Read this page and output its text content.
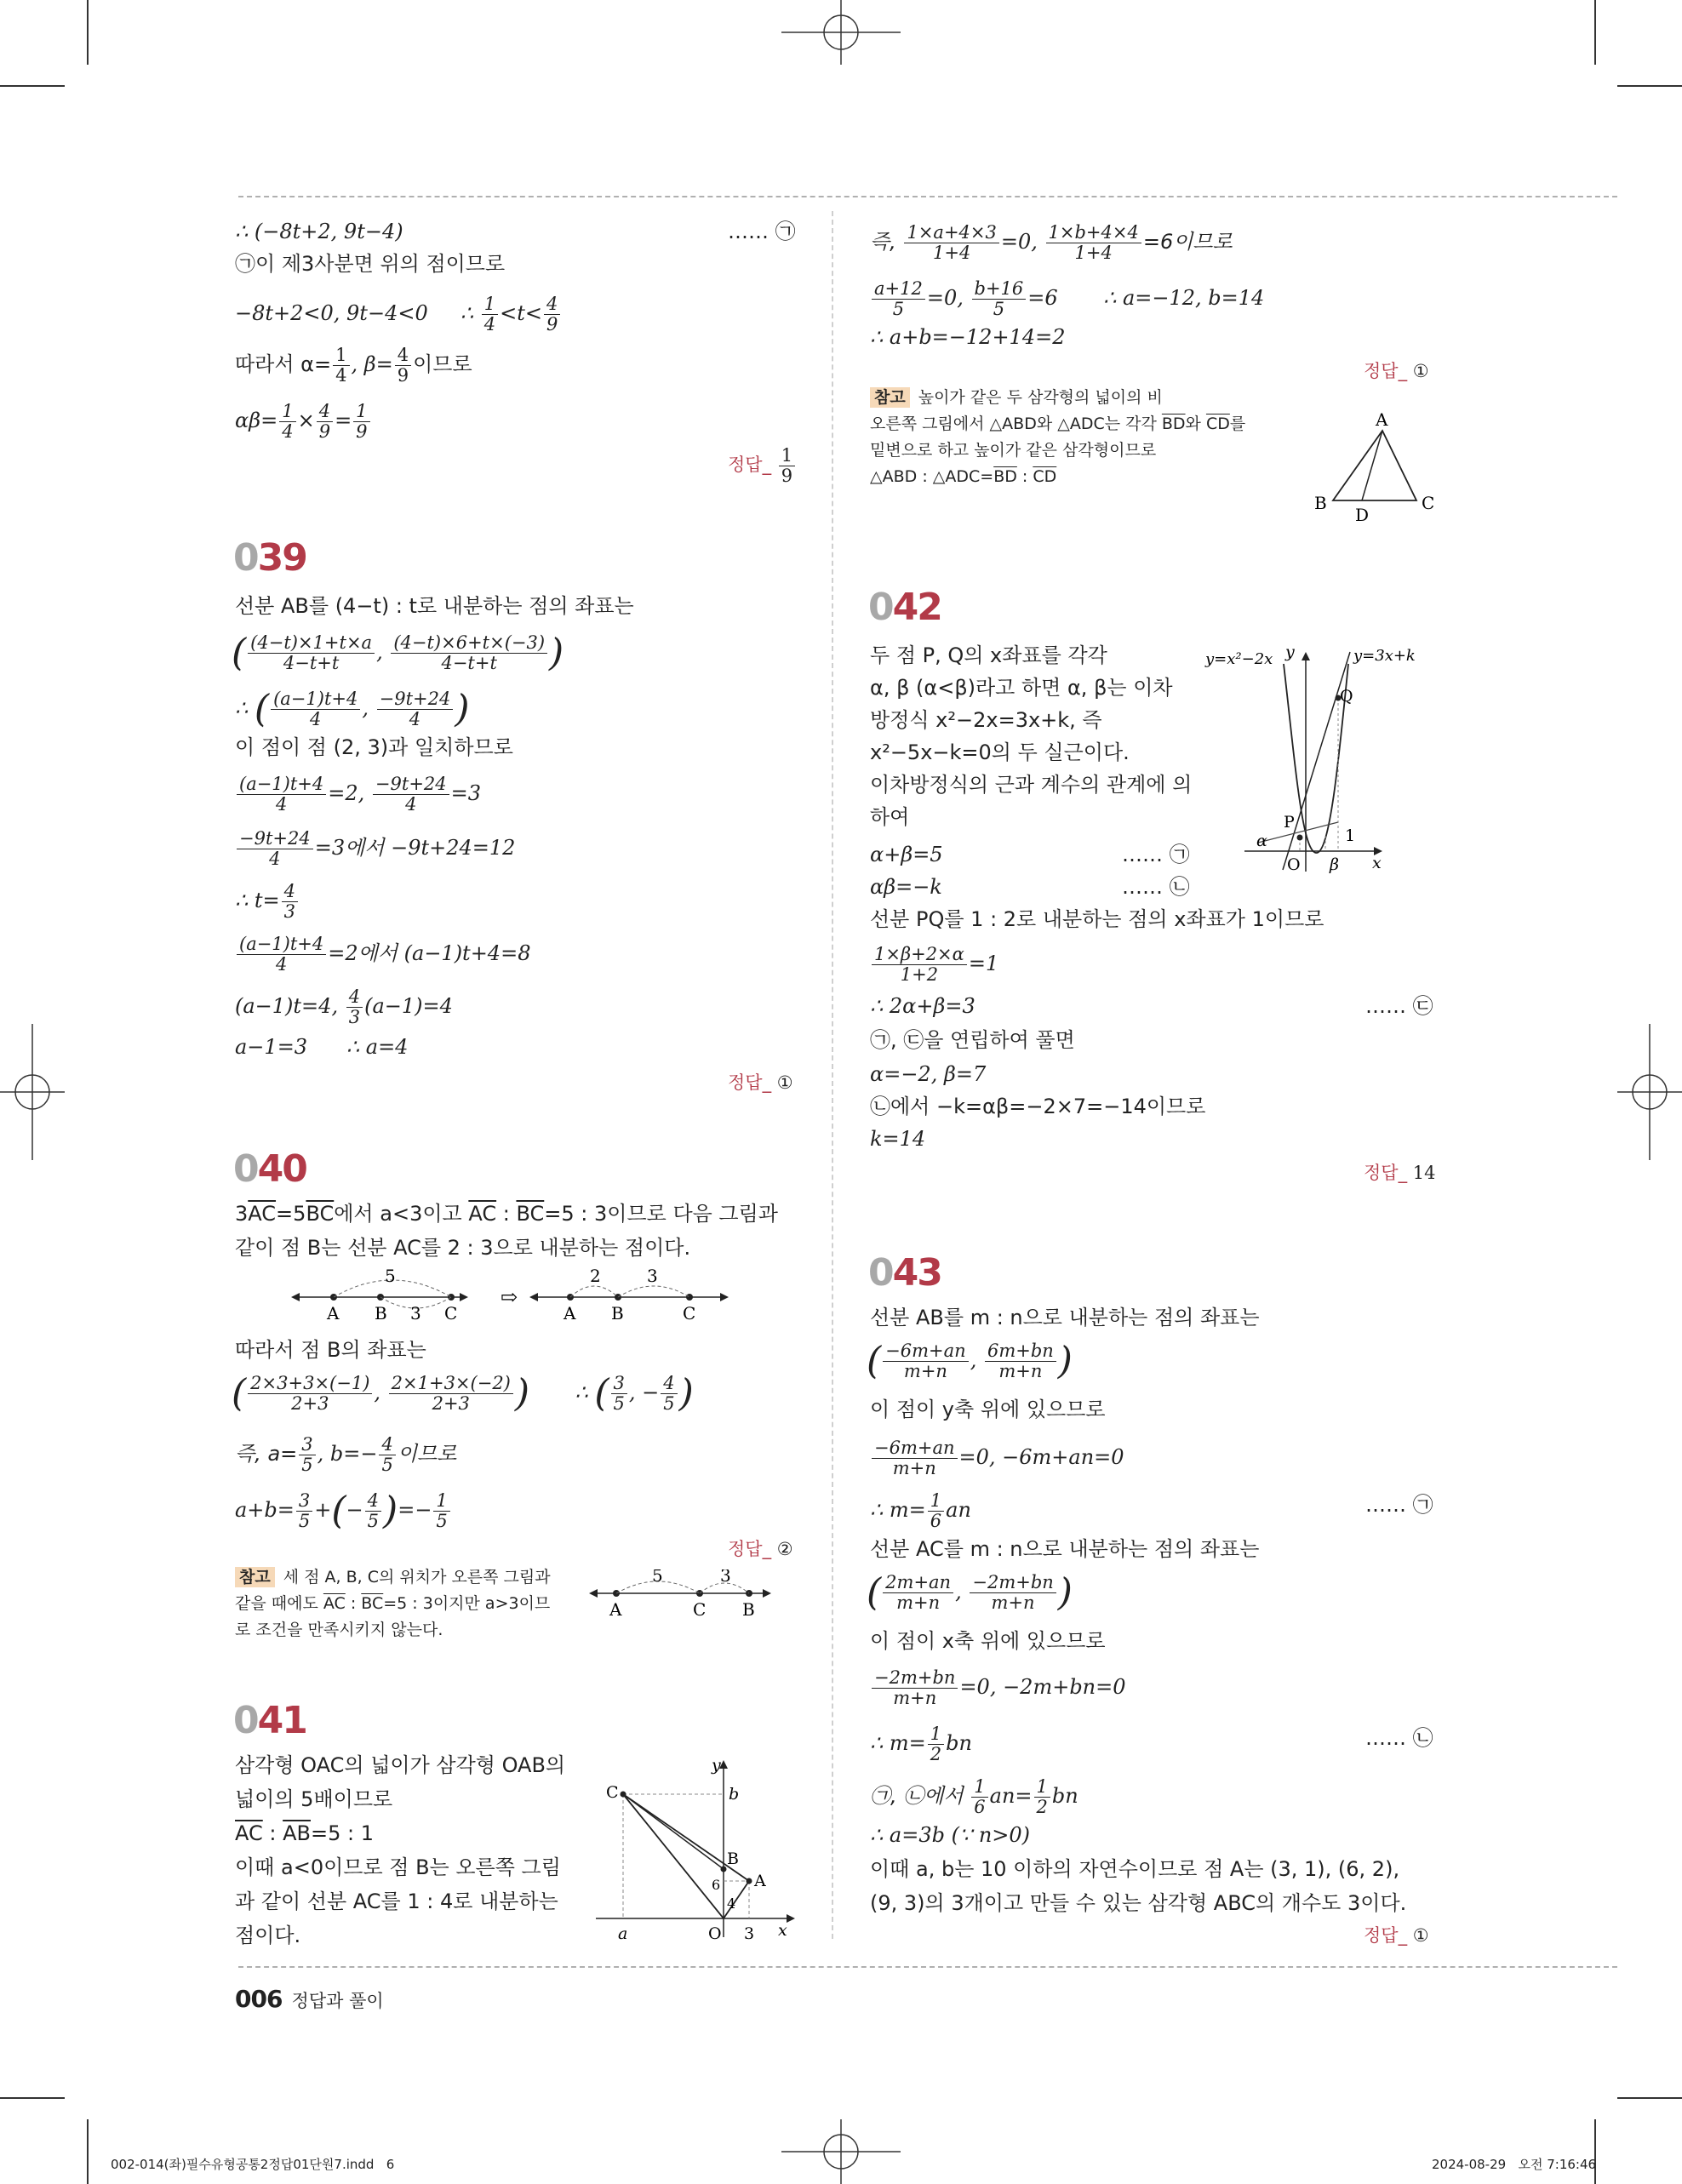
∴ (−8t+2, 9t−4)	…… ㉠
㉠이 제3사분면 위의 점이므로
−8t+2<0, 9t−4<0 ∴ $\frac{1}{4} <t< \frac{4}{9}$
따라서 $\alpha= \frac{1}{4}$ , $\beta= \frac{4}{9}$ 이므로
$\alpha\beta= \frac{1}{4} \times \frac{4}{9} = \frac{1}{9}$
정답_ $\frac{1}{9}$
039
선분 AB를 (4−t) : t로 내분하는 점의 좌표는
( $\frac{(4-t)\times 1+t\times a}{4-t+t}$ , $\frac{(4-t)\times 6+t\times(-3)}{4-t+t}$ )
∴ ( $\frac{(a-1)t+4}{4}$ , $\frac{-9t+24}{4}$ )
이 점이 점 (2, 3)과 일치하므로
$\frac{(a-1)t+4}{4} =2$, $\frac{-9t+24}{4} =3$
$\frac{-9t+24}{4} =3$에서 −9t+24=12
∴ $t= \frac{4}{3}$
$\frac{(a-1)t+4}{4} =2$에서 (a−1)t+4=8
(a−1)t=4, $\frac{4}{3} (a-1)=4$
a−1=3 ∴ a=4
정답_ ①
040
$3\overline{AC}=5\overline{BC}$에서 a<3이고 $\overline{AC}$ : $\overline{BC}=5$ : 3이므로 다음 그림과
같이 점 B는 선분 AC를 2 : 3으로 내분하는 점이다.
5
3
A B	C
⇨
2	3
A B	C
따라서 점 B의 좌표는
( $\frac{2\times 3+3\times(-1)}{2+3}$ , $\frac{2\times 1+3\times(-2)}{2+3}$ )       ∴ ( $\frac{3}{5}$ , − $\frac{4}{5}$ )
즉, $a= \frac{3}{5}$ , $b=- \frac{4}{5}$ 이므로
$a+b= \frac{3}{5}$ +(− $\frac{4}{5}$ )=− $\frac{1}{5}$
정답_ ②
참고 세 점 A, B, C의 위치가 오른쪽 그림과
같을 때에도 $\overline{AC}$ : $\overline{BC}=5$ : 3이지만 a>3이므
로 조건을 만족시키지 않는다.
5	3
A	C B
041
삼각형 OAC의 넓이가 삼각형 OAB의
넓이의 5배이므로
$\overline{AC}$ : $\overline{AB}=5$ : 1
이때 a<0이므로 점 B는 오른쪽 그림
과 같이 선분 AC를 1 : 4로 내분하는
점이다.
y
x
b
C
B
A
O 3
6
4
a
즉, $\frac{1\times a+4\times 3}{1+4} =0$, $\frac{1\times b+4\times 4}{1+4} =6$이므로
$\frac{a+12}{5} =0$, $\frac{b+16}{5} =6$ ∴ a=−12, b=14
∴ a+b=−12+14=2
정답_ ①
참고 높이가 같은 두 삼각형의 넓이의 비
오른쪽 그림에서 △ABD와 △ADC는 각각 $\overline{BD}$와 $\overline{CD}$를
밑변으로 하고 높이가 같은 삼각형이므로
△ABD : $\triangle ADC=\overline{BD}$ : $\overline{CD}$
A
B
D
C
042
두 점 P, Q의 x좌표를 각각
α, β (α<β)라고 하면 α, β는 이차
방정식 x²−2x=3x+k, 즉
x²−5x−k=0의 두 실근이다.
이차방정식의 근과 계수의 관계에 의
하여
α+β=5	…… ㉠
αβ=−k	…… ㉡
선분 PQ를 1 : 2로 내분하는 점의 x좌표가 1이므로
$\frac{1\times\beta+2\times\alpha}{1+2} =1$
∴ 2α+β=3	…… ㉢
㉠, ㉢을 연립하여 풀면
α=−2, β=7
㉡에서 −k=αβ=−2×7=−14이므로
k=14
정답_ 14
y=x²−2x	y=3x+k
y
x
P
Q
O
α
β
1
043
선분 AB를 m : n으로 내분하는 점의 좌표는
( $\frac{-6m+an}{m+n}$ , $\frac{6m+bn}{m+n}$ )
이 점이 y축 위에 있으므로
$\frac{-6m+an}{m+n} =0$, −6m+an=0
∴ $m= \frac{1}{6}$ an	…… ㉠
선분 AC를 m : n으로 내분하는 점의 좌표는
( $\frac{2m+an}{m+n}$ , $\frac{-2m+bn}{m+n}$ )
이 점이 x축 위에 있으므로
$\frac{-2m+bn}{m+n} =0$, −2m+bn=0
∴ $m= \frac{1}{2}$ bn	…… ㉡
㉠, ㉡에서 $\frac{1}{6} an= \frac{1}{2}$ bn
∴ a=3b (∵ n>0)
이때 a, b는 10 이하의 자연수이므로 점 A는 (3, 1), (6, 2),
(9, 3)의 3개이고 만들 수 있는 삼각형 ABC의 개수도 3이다.
정답_ ①
006 정답과 풀이
002-014(좌)필수유형공통2정답01단원7.indd   6	2024-08-29   오전 7:16:46
